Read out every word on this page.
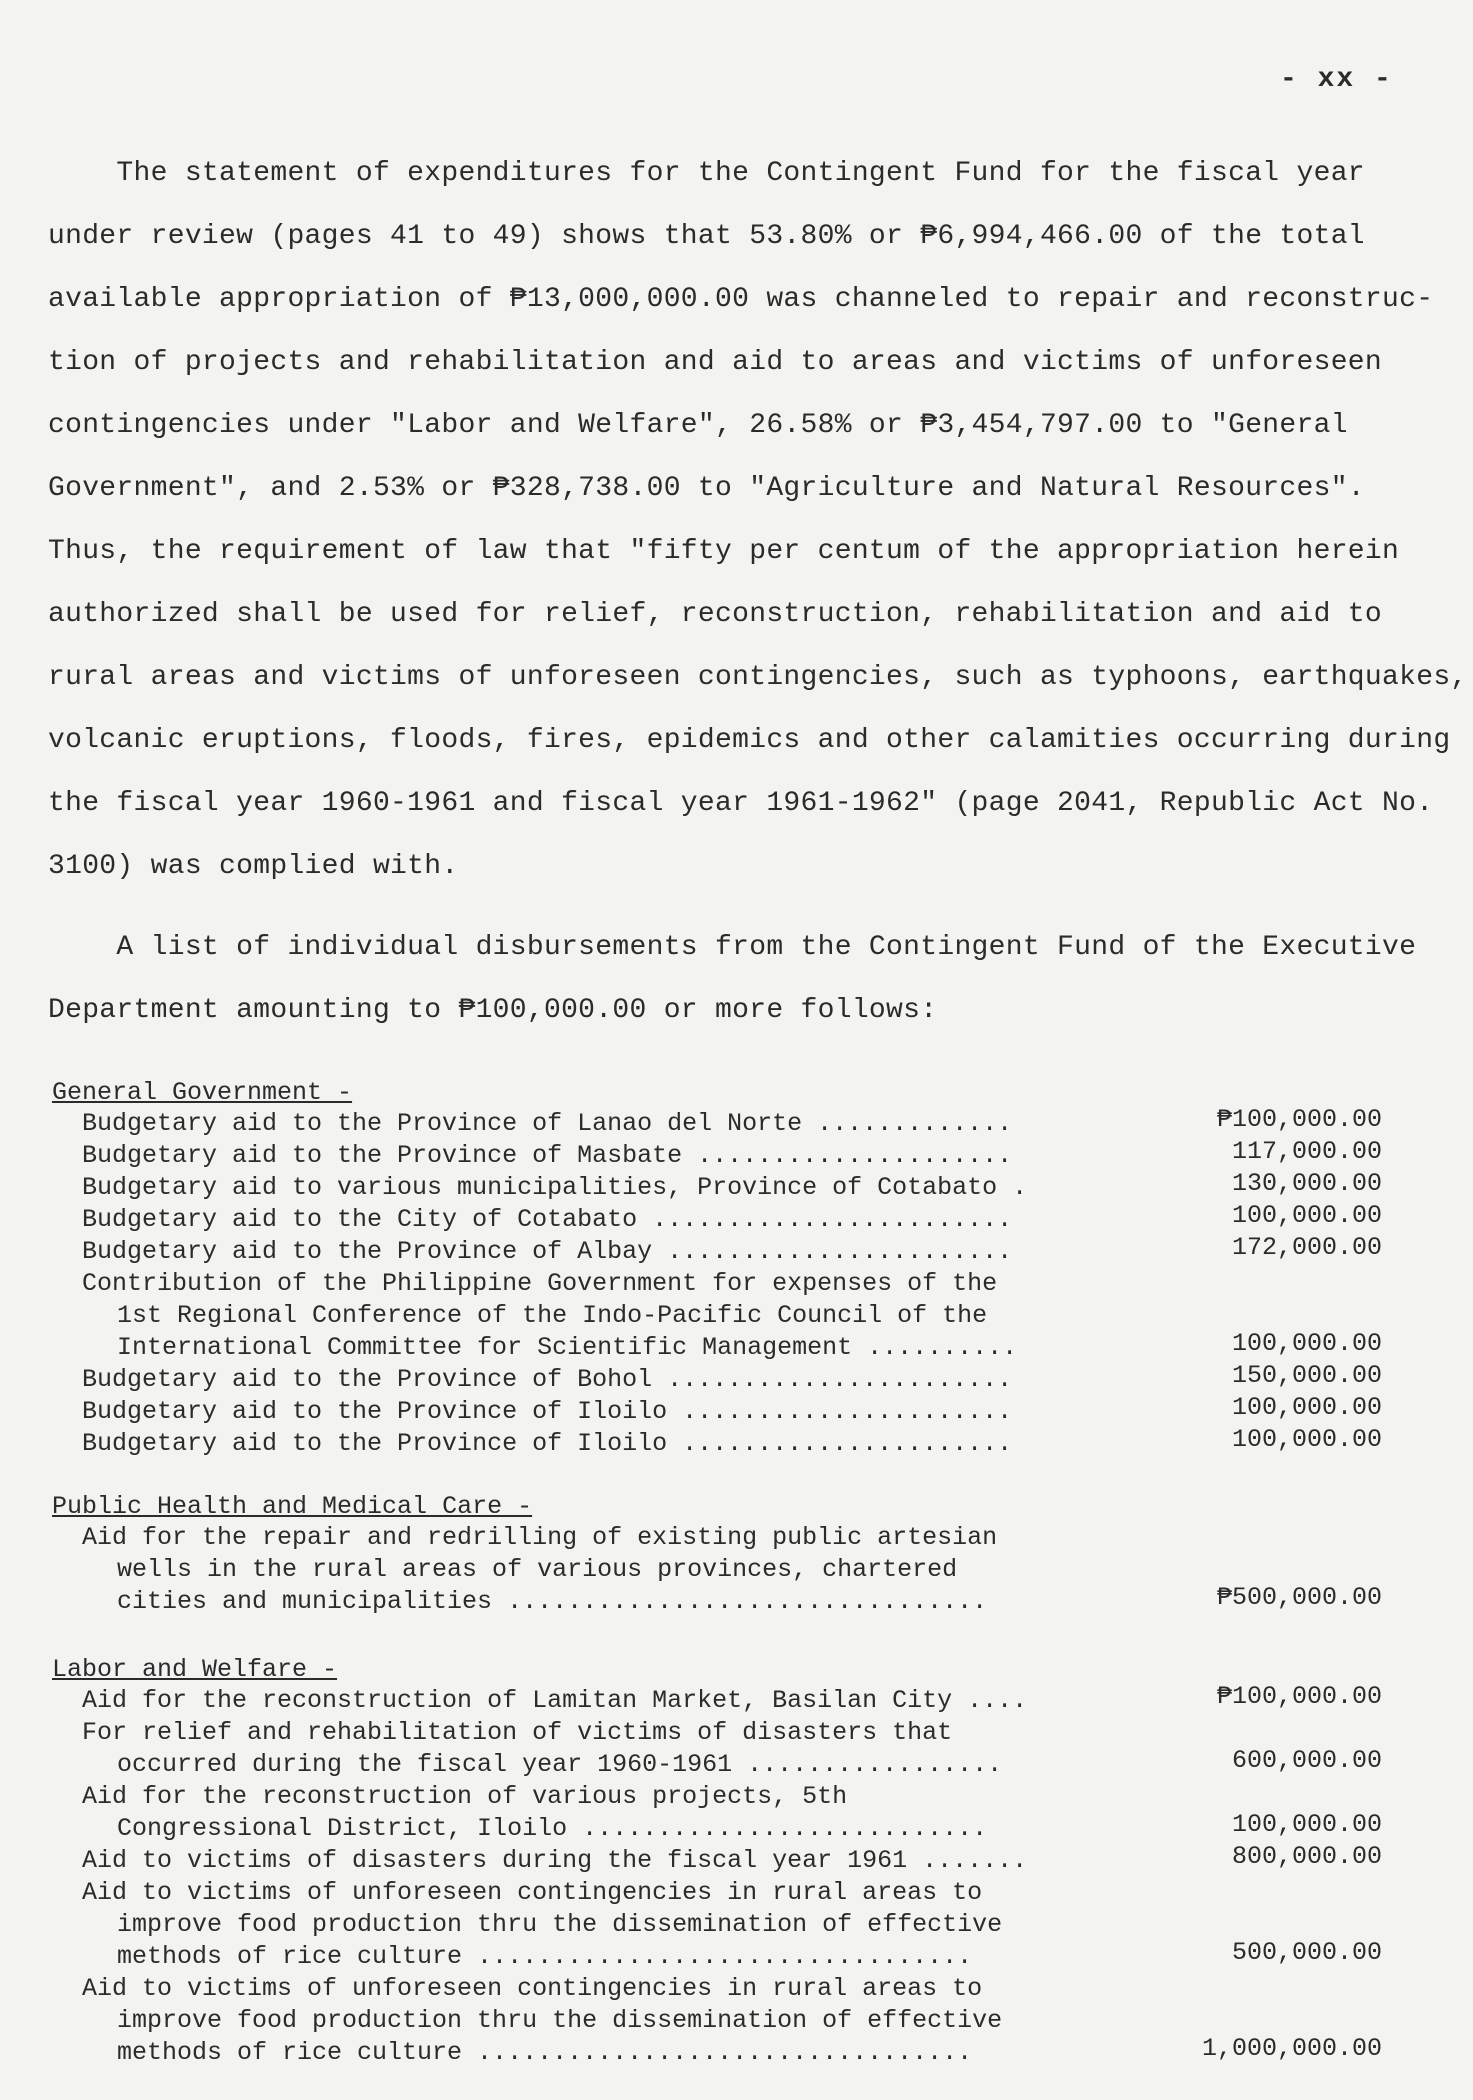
- xx -

The statement of expenditures for the Contingent Fund for the fiscal year
under review (pages 41 to 49) shows that 53.80% or ₱6,994,466.00 of the total
available appropriation of ₱13,000,000.00 was channeled to repair and reconstruc-
tion of projects and rehabilitation and aid to areas and victims of unforeseen
contingencies under "Labor and Welfare", 26.58% or ₱3,454,797.00 to "General
Government", and 2.53% or ₱328,738.00 to "Agriculture and Natural Resources".
Thus, the requirement of law that "fifty per centum of the appropriation herein
authorized shall be used for relief, reconstruction, rehabilitation and aid to
rural areas and victims of unforeseen contingencies, such as typhoons, earthquakes,
volcanic eruptions, floods, fires, epidemics and other calamities occurring during
the fiscal year 1960-1961 and fiscal year 1961-1962" (page 2041, Republic Act No.
3100) was complied with.

A list of individual disbursements from the Contingent Fund of the Executive
Department amounting to ₱100,000.00 or more follows:

General Government -
Budgetary aid to the Province of Lanao del Norte .............	₱100,000.00
Budgetary aid to the Province of Masbate .....................	117,000.00
Budgetary aid to various municipalities, Province of Cotabato .	130,000.00
Budgetary aid to the City of Cotabato ........................	100,000.00
Budgetary aid to the Province of Albay .......................	172,000.00
Contribution of the Philippine Government for expenses of the
1st Regional Conference of the Indo-Pacific Council of the
International Committee for Scientific Management ..........	100,000.00
Budgetary aid to the Province of Bohol .......................	150,000.00
Budgetary aid to the Province of Iloilo ......................	100,000.00
Budgetary aid to the Province of Iloilo ......................	100,000.00
Public Health and Medical Care -
Aid for the repair and redrilling of existing public artesian
wells in the rural areas of various provinces, chartered
cities and municipalities ................................	₱500,000.00
Labor and Welfare -
Aid for the reconstruction of Lamitan Market, Basilan City ....	₱100,000.00
For relief and rehabilitation of victims of disasters that
occurred during the fiscal year 1960-1961 .................	600,000.00
Aid for the reconstruction of various projects, 5th
Congressional District, Iloilo ...........................	100,000.00
Aid to victims of disasters during the fiscal year 1961 .......	800,000.00
Aid to victims of unforeseen contingencies in rural areas to
improve food production thru the dissemination of effective
methods of rice culture .................................	500,000.00
Aid to victims of unforeseen contingencies in rural areas to
improve food production thru the dissemination of effective
methods of rice culture .................................	1,000,000.00
